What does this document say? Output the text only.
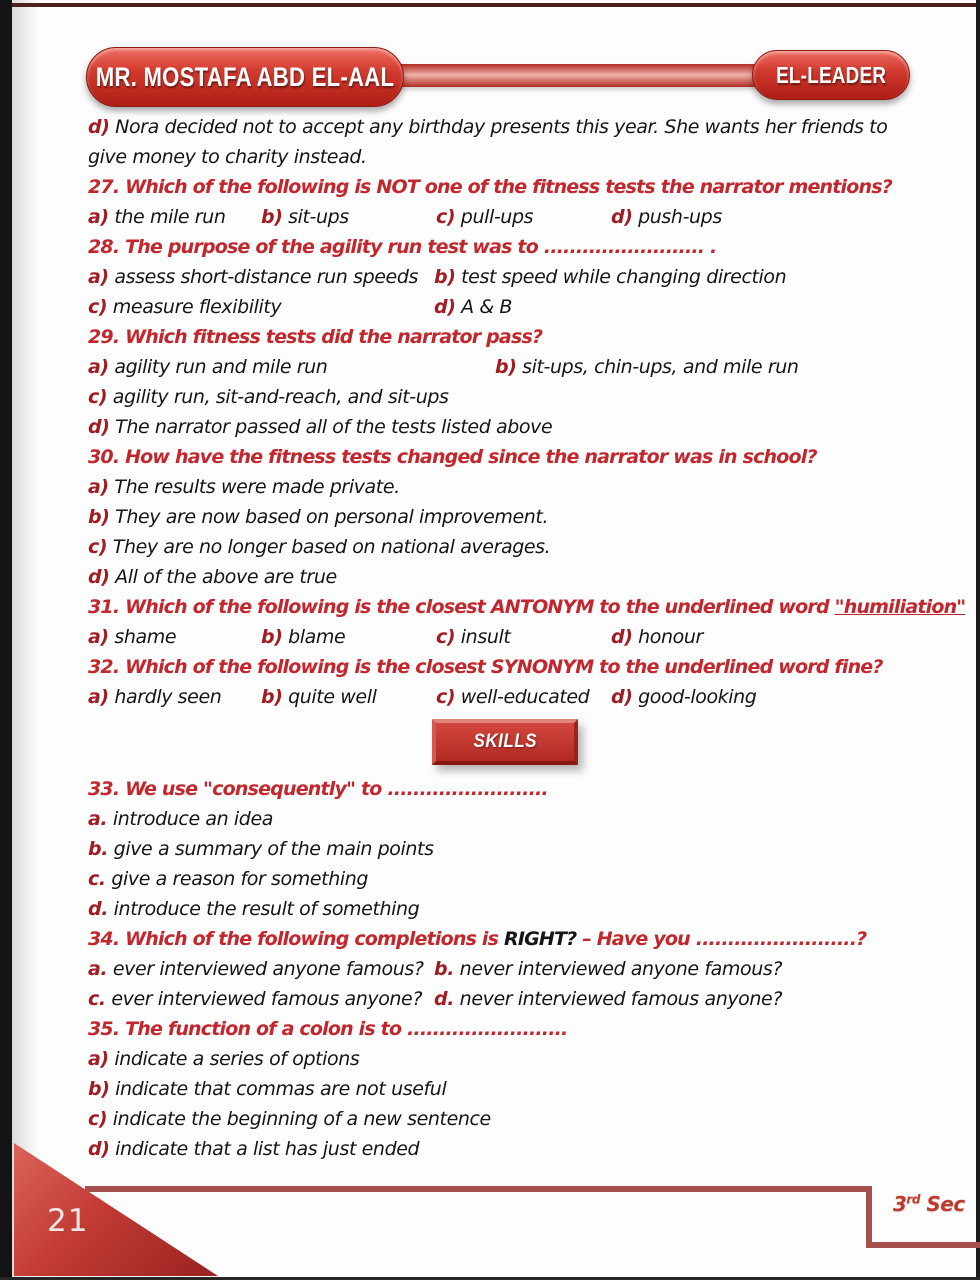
MR. MOSTAFA ABD EL-AAL	EL-LEADER
d) Nora decided not to accept any birthday presents this year. She wants her friends to give money to charity instead.
27. Which of the following is NOT one of the fitness tests the narrator mentions?
a) the mile run	b) sit-ups	c) pull-ups	d) push-ups
28. The purpose of the agility run test was to ......................... .
a) assess short-distance run speeds b) test speed while changing direction
c) measure flexibility	d) A & B
29. Which fitness tests did the narrator pass?
a) agility run and mile run	b) sit-ups, chin-ups, and mile run
c) agility run, sit-and-reach, and sit-ups
d) The narrator passed all of the tests listed above
30. How have the fitness tests changed since the narrator was in school?
a) The results were made private.
b) They are now based on personal improvement.
c) They are no longer based on national averages.
d) All of the above are true
31. Which of the following is the closest ANTONYM to the underlined word "humiliation"
a) shame	b) blame	c) insult	d) honour
32. Which of the following is the closest SYNONYM to the underlined word fine?
a) hardly seen	b) quite well	c) well-educated	d) good-looking
SKILLS
33. We use "consequently" to .........................
a. introduce an idea
b. give a summary of the main points
c. give a reason for something
d. introduce the result of something
34. Which of the following completions is RIGHT? – Have you .........................?
a. ever interviewed anyone famous? b. never interviewed anyone famous?
c. ever interviewed famous anyone? d. never interviewed famous anyone?
35. The function of a colon is to .........................
a) indicate a series of options
b) indicate that commas are not useful
c) indicate the beginning of a new sentence
d) indicate that a list has just ended
3rd Sec
21
